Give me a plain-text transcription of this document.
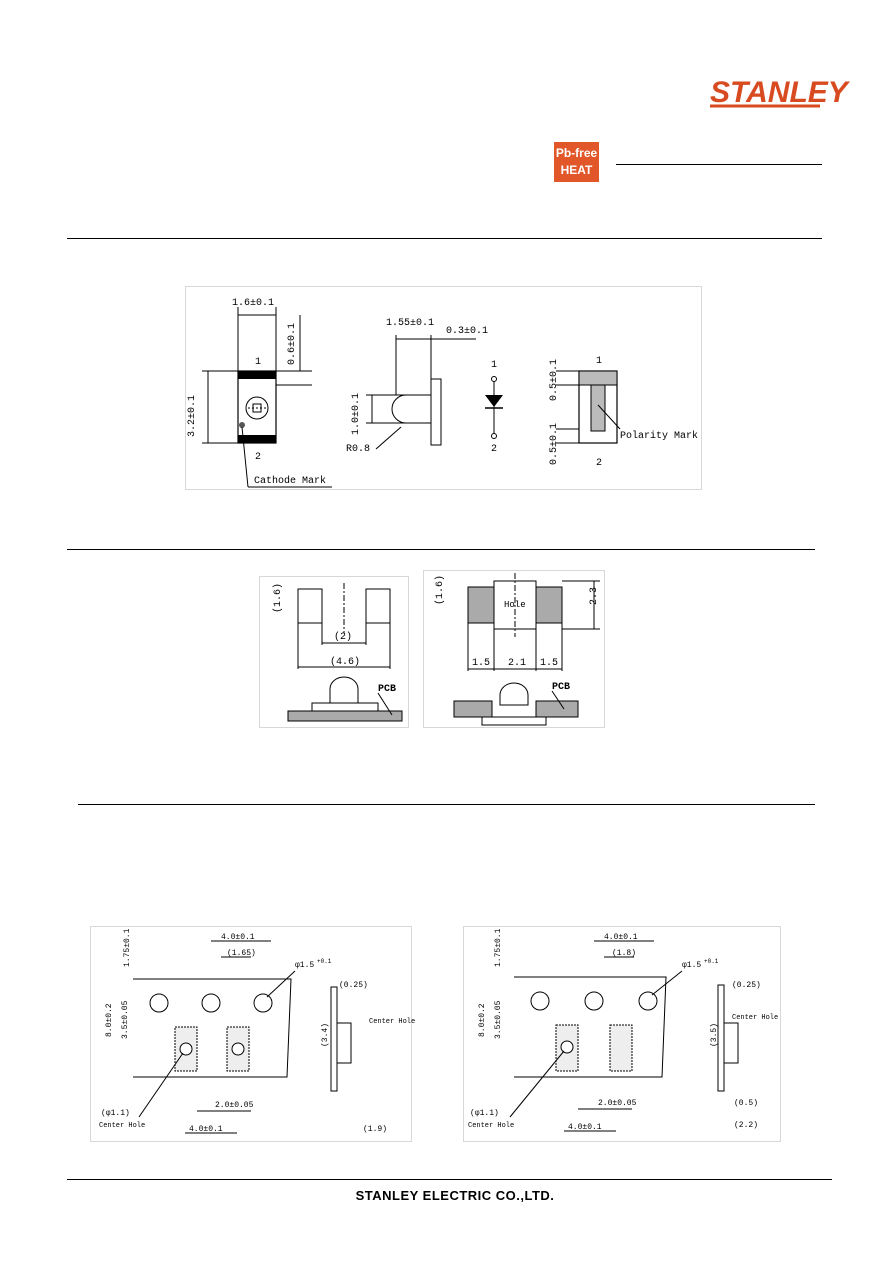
STANLEY
Pb-free
HEAT
1.6±0.1
1
2
3.2±0.1
0.6±0.1
Cathode Mark
1.55±0.1
0.3±0.1
1.0±0.1
R0.8
1
2
1
2
0.5±0.1
0.5±0.1	Polarity Mark
(1.6)
(2)
(4.6)
PCB
Hole
(1.6)	2.3
1.5 2.1 1.5
PCB
4.0±0.1
(1.65)
1.75±0.1	φ1.5 +0.1
8.0±0.2 3.5±0.05
(0.25)
(3.4)
Center Hole
(φ1.1)
Center Hole
2.0±0.05
4.0±0.1	(1.9)
4.0±0.1
(1.8)
1.75±0.1	φ1.5 +0.1
8.0±0.2 3.5±0.05
(0.25)
(3.5)
Center Hole
(φ1.1)
Center Hole
2.0±0.05
4.0±0.1
(0.5)
(2.2)
STANLEY ELECTRIC CO.,LTD.
